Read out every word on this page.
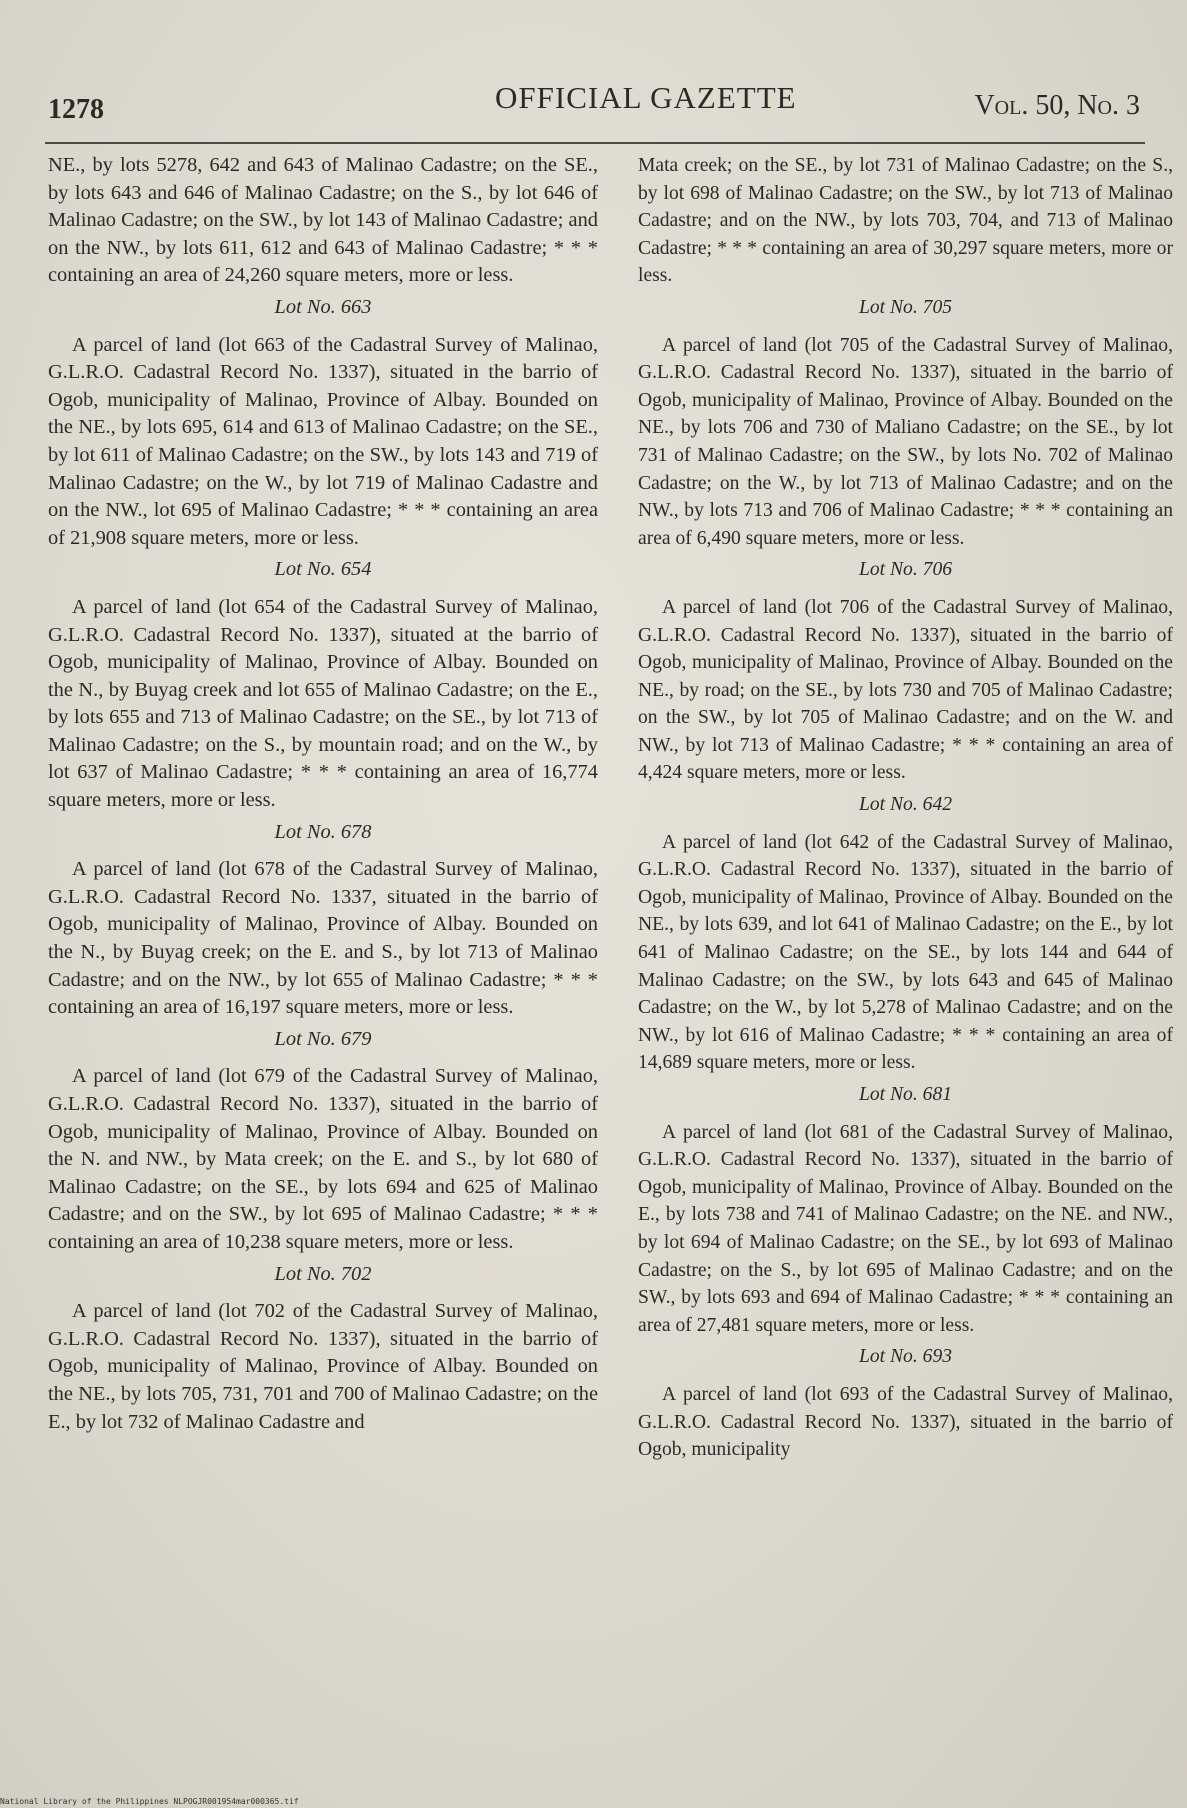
1278	OFFICIAL GAZETTE	Vol. 50, No. 3

NE., by lots 5278, 642 and 643 of Malinao Cadastre; on the SE., by lots 643 and 646 of Malinao Cadastre; on the S., by lot 646 of Malinao Cadastre; on the SW., by lot 143 of Malinao Cadastre; and on the NW., by lots 611, 612 and 643 of Malinao Cadastre; * * * containing an area of 24,260 square meters, more or less.

Lot No. 663

A parcel of land (lot 663 of the Cadastral Survey of Malinao, G.L.R.O. Cadastral Record No. 1337), situated in the barrio of Ogob, municipality of Malinao, Province of Albay. Bounded on the NE., by lots 695, 614 and 613 of Malinao Cadastre; on the SE., by lot 611 of Malinao Cadastre; on the SW., by lots 143 and 719 of Malinao Cadastre; on the W., by lot 719 of Malinao Cadastre and on the NW., lot 695 of Malinao Cadastre; * * * containing an area of 21,908 square meters, more or less.

Lot No. 654

A parcel of land (lot 654 of the Cadastral Survey of Malinao, G.L.R.O. Cadastral Record No. 1337), situated at the barrio of Ogob, municipality of Malinao, Province of Albay. Bounded on the N., by Buyag creek and lot 655 of Malinao Cadastre; on the E., by lots 655 and 713 of Malinao Cadastre; on the SE., by lot 713 of Malinao Cadastre; on the S., by mountain road; and on the W., by lot 637 of Malinao Cadastre; * * * containing an area of 16,774 square meters, more or less.

Lot No. 678

A parcel of land (lot 678 of the Cadastral Survey of Malinao, G.L.R.O. Cadastral Record No. 1337, situated in the barrio of Ogob, municipality of Malinao, Province of Albay. Bounded on the N., by Buyag creek; on the E. and S., by lot 713 of Malinao Cadastre; and on the NW., by lot 655 of Malinao Cadastre; * * * containing an area of 16,197 square meters, more or less.

Lot No. 679

A parcel of land (lot 679 of the Cadastral Survey of Malinao, G.L.R.O. Cadastral Record No. 1337), situated in the barrio of Ogob, municipality of Malinao, Province of Albay. Bounded on the N. and NW., by Mata creek; on the E. and S., by lot 680 of Malinao Cadastre; on the SE., by lots 694 and 625 of Malinao Cadastre; and on the SW., by lot 695 of Malinao Cadastre; * * * containing an area of 10,238 square meters, more or less.

Lot No. 702

A parcel of land (lot 702 of the Cadastral Survey of Malinao, G.L.R.O. Cadastral Record No. 1337), situated in the barrio of Ogob, municipality of Malinao, Province of Albay. Bounded on the NE., by lots 705, 731, 701 and 700 of Malinao Cadastre; on the E., by lot 732 of Malinao Cadastre and

Mata creek; on the SE., by lot 731 of Malinao Cadastre; on the S., by lot 698 of Malinao Cadastre; on the SW., by lot 713 of Malinao Cadastre; and on the NW., by lots 703, 704, and 713 of Malinao Cadastre; * * * containing an area of 30,297 square meters, more or less.

Lot No. 705

A parcel of land (lot 705 of the Cadastral Survey of Malinao, G.L.R.O. Cadastral Record No. 1337), situated in the barrio of Ogob, municipality of Malinao, Province of Albay. Bounded on the NE., by lots 706 and 730 of Maliano Cadastre; on the SE., by lot 731 of Malinao Cadastre; on the SW., by lots No. 702 of Malinao Cadastre; on the W., by lot 713 of Malinao Cadastre; and on the NW., by lots 713 and 706 of Malinao Cadastre; * * * containing an area of 6,490 square meters, more or less.

Lot No. 706

A parcel of land (lot 706 of the Cadastral Survey of Malinao, G.L.R.O. Cadastral Record No. 1337), situated in the barrio of Ogob, municipality of Malinao, Province of Albay. Bounded on the NE., by road; on the SE., by lots 730 and 705 of Malinao Cadastre; on the SW., by lot 705 of Malinao Cadastre; and on the W. and NW., by lot 713 of Malinao Cadastre; * * * containing an area of 4,424 square meters, more or less.

Lot No. 642

A parcel of land (lot 642 of the Cadastral Survey of Malinao, G.L.R.O. Cadastral Record No. 1337), situated in the barrio of Ogob, municipality of Malinao, Province of Albay. Bounded on the NE., by lots 639, and lot 641 of Malinao Cadastre; on the E., by lot 641 of Malinao Cadastre; on the SE., by lots 144 and 644 of Malinao Cadastre; on the SW., by lots 643 and 645 of Malinao Cadastre; on the W., by lot 5,278 of Malinao Cadastre; and on the NW., by lot 616 of Malinao Cadastre; * * * containing an area of 14,689 square meters, more or less.

Lot No. 681

A parcel of land (lot 681 of the Cadastral Survey of Malinao, G.L.R.O. Cadastral Record No. 1337), situated in the barrio of Ogob, municipality of Malinao, Province of Albay. Bounded on the E., by lots 738 and 741 of Malinao Cadastre; on the NE. and NW., by lot 694 of Malinao Cadastre; on the SE., by lot 693 of Malinao Cadastre; on the S., by lot 695 of Malinao Cadastre; and on the SW., by lots 693 and 694 of Malinao Cadastre; * * * containing an area of 27,481 square meters, more or less.

Lot No. 693

A parcel of land (lot 693 of the Cadastral Survey of Malinao, G.L.R.O. Cadastral Record No. 1337), situated in the barrio of Ogob, municipality

National Library of the Philippines NLPOGJR001954mar000365.tif
